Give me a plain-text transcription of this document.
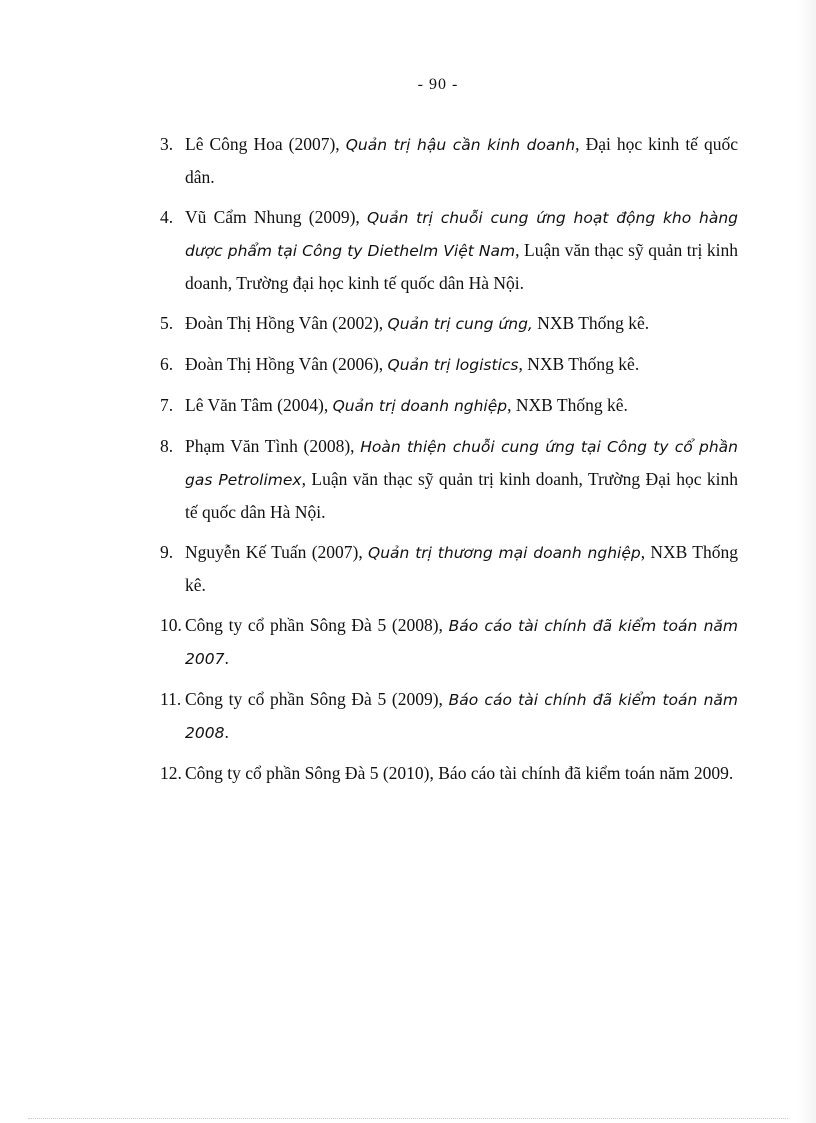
- 90 -
3. Lê Công Hoa (2007), Quản trị hậu cần kinh doanh, Đại học kinh tế quốc dân.
4. Vũ Cẩm Nhung (2009), Quản trị chuỗi cung ứng hoạt động kho hàng dược phẩm tại Công ty Diethelm Việt Nam, Luận văn thạc sỹ quản trị kinh doanh, Trường đại học kinh tế quốc dân Hà Nội.
5. Đoàn Thị Hồng Vân (2002), Quản trị cung ứng, NXB Thống kê.
6. Đoàn Thị Hồng Vân (2006), Quản trị logistics, NXB Thống kê.
7. Lê Văn Tâm (2004), Quản trị doanh nghiệp, NXB Thống kê.
8. Phạm Văn Tình (2008), Hoàn thiện chuỗi cung ứng tại Công ty cổ phần gas Petrolimex, Luận văn thạc sỹ quản trị kinh doanh, Trường Đại học kinh tế quốc dân Hà Nội.
9. Nguyễn Kế Tuấn (2007), Quản trị thương mại doanh nghiệp, NXB Thống kê.
10. Công ty cổ phần Sông Đà 5 (2008), Báo cáo tài chính đã kiểm toán năm 2007.
11. Công ty cổ phần Sông Đà 5 (2009), Báo cáo tài chính đã kiểm toán năm 2008.
12. Công ty cổ phần Sông Đà 5 (2010), Báo cáo tài chính đã kiểm toán năm 2009.
